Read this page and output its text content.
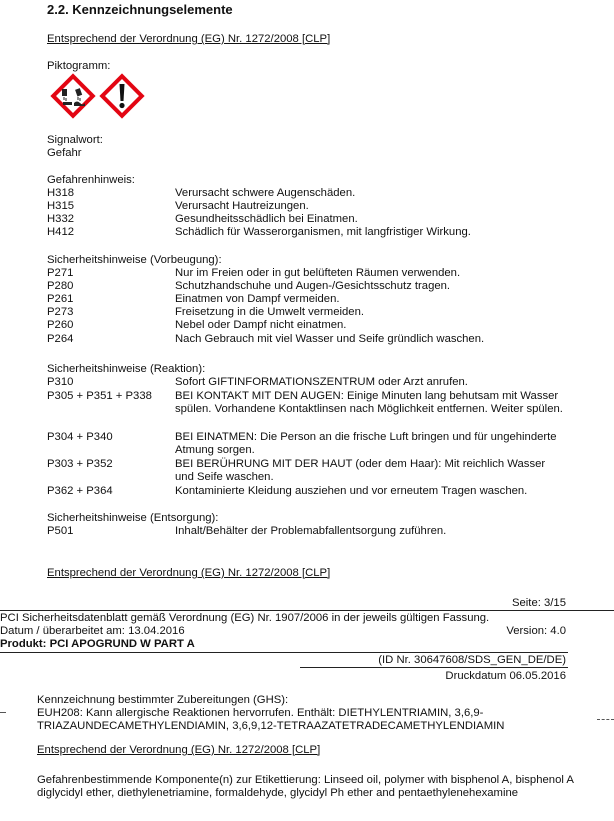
2.2. Kennzeichnungselemente
Entsprechend der Verordnung (EG) Nr. 1272/2008 [CLP]
Piktogramm:
Signalwort:
Gefahr
Gefahrenhinweis:
H318	Verursacht schwere Augenschäden.
H315	Verursacht Hautreizungen.
H332	Gesundheitsschädlich bei Einatmen.
H412	Schädlich für Wasserorganismen, mit langfristiger Wirkung.
Sicherheitshinweise (Vorbeugung):
P271	Nur im Freien oder in gut belüfteten Räumen verwenden.
P280	Schutzhandschuhe und Augen-/Gesichtsschutz tragen.
P261	Einatmen von Dampf vermeiden.
P273	Freisetzung in die Umwelt vermeiden.
P260	Nebel oder Dampf nicht einatmen.
P264	Nach Gebrauch mit viel Wasser und Seife gründlich waschen.
Sicherheitshinweise (Reaktion):
P310	Sofort GIFTINFORMATIONSZENTRUM oder Arzt anrufen.
P305 + P351 + P338 BEI KONTAKT MIT DEN AUGEN: Einige Minuten lang behutsam mit Wasser spülen. Vorhandene Kontaktlinsen nach Möglichkeit entfernen. Weiter spülen.
P304 + P340	BEI EINATMEN: Die Person an die frische Luft bringen und für ungehinderte Atmung sorgen.
P303 + P352	BEI BERÜHRUNG MIT DER HAUT (oder dem Haar): Mit reichlich Wasser und Seife waschen.
P362 + P364	Kontaminierte Kleidung ausziehen und vor erneutem Tragen waschen.
Sicherheitshinweise (Entsorgung):
P501	Inhalt/Behälter der Problemabfallentsorgung zuführen.
Entsprechend der Verordnung (EG) Nr. 1272/2008 [CLP]
Seite: 3/15
PCI Sicherheitsdatenblatt gemäß Verordnung (EG) Nr. 1907/2006 in der jeweils gültigen Fassung.
Datum / überarbeitet am: 13.04.2016	Version: 4.0
Produkt: PCI APOGRUND W PART A
(ID Nr. 30647608/SDS_GEN_DE/DE)
Druckdatum 06.05.2016
Kennzeichnung bestimmter Zubereitungen (GHS):
EUH208: Kann allergische Reaktionen hervorrufen. Enthält: DIETHYLENTRIAMIN, 3,6,9-TRIAZAUNDECAMETHYLENDIAMIN, 3,6,9,12-TETRAAZATETRADECAMETHYLENDIAMIN
Entsprechend der Verordnung (EG) Nr. 1272/2008 [CLP]
Gefahrenbestimmende Komponente(n) zur Etikettierung: Linseed oil, polymer with bisphenol A, bisphenol A diglycidyl ether, diethylenetriamine, formaldehyde, glycidyl Ph ether and pentaethylenehexamine
